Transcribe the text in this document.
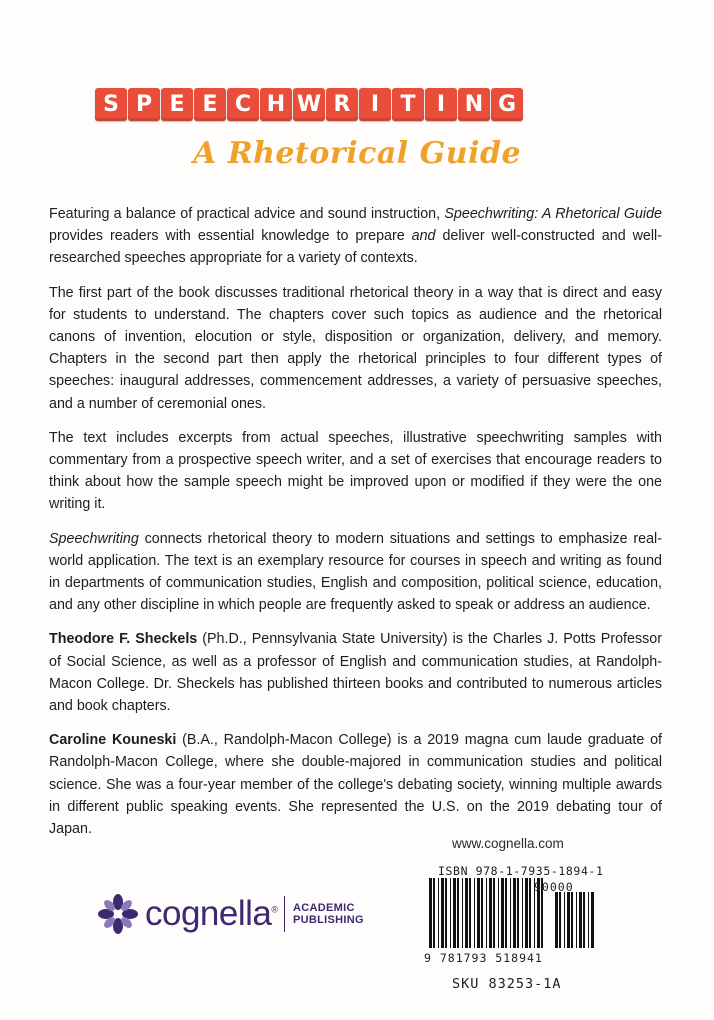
S P E E C H W R I T I N G
A Rhetorical Guide

Featuring a balance of practical advice and sound instruction, Speechwriting: A Rhetorical Guide provides readers with essential knowledge to prepare and deliver well-constructed and well-researched speeches appropriate for a variety of contexts.

The first part of the book discusses traditional rhetorical theory in a way that is direct and easy for students to understand. The chapters cover such topics as audience and the rhetorical canons of invention, elocution or style, disposition or organization, delivery, and memory. Chapters in the second part then apply the rhetorical principles to four different types of speeches: inaugural addresses, commencement addresses, a variety of persuasive speeches, and a number of ceremonial ones.

The text includes excerpts from actual speeches, illustrative speechwriting samples with commentary from a prospective speech writer, and a set of exercises that encourage readers to think about how the sample speech might be improved upon or modified if they were the one writing it.

Speechwriting connects rhetorical theory to modern situations and settings to emphasize real-world application. The text is an exemplary resource for courses in speech and writing as found in departments of communication studies, English and composition, political science, education, and any other discipline in which people are frequently asked to speak or address an audience.

Theodore F. Sheckels (Ph.D., Pennsylvania State University) is the Charles J. Potts Professor of Social Science, as well as a professor of English and communication studies, at Randolph-Macon College. Dr. Sheckels has published thirteen books and contributed to numerous articles and book chapters.

Caroline Kouneski (B.A., Randolph-Macon College) is a 2019 magna cum laude graduate of Randolph-Macon College, where she double-majored in communication studies and political science. She was a four-year member of the college's debating society, winning multiple awards in different public speaking events. She represented the U.S. on the 2019 debating tour of Japan.

cognella® ACADEMIC
PUBLISHING
www.cognella.com
ISBN 978-1-7935-1894-1
90000
9 781793 518941
SKU 83253-1A
